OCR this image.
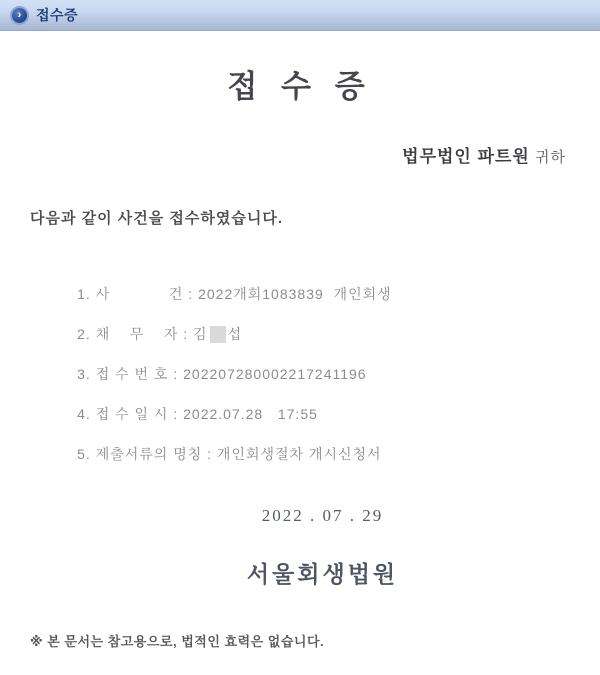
›	접수증
접 수 증

법무법인 파트원 귀하

다음과 같이 사건을 접수하였습니다.

1. 사            건 : 2022개회1083839  개인회생

2. 채    무    자 : 김 섭

3. 접 수 번 호 : 202207280002217241196

4. 접 수 일 시 : 2022.07.28   17:55

5. 제출서류의 명칭 : 개인회생절차 개시신청서

2022 . 07 . 29
서울회생법원
※ 본 문서는 참고용으로, 법적인 효력은 없습니다.
